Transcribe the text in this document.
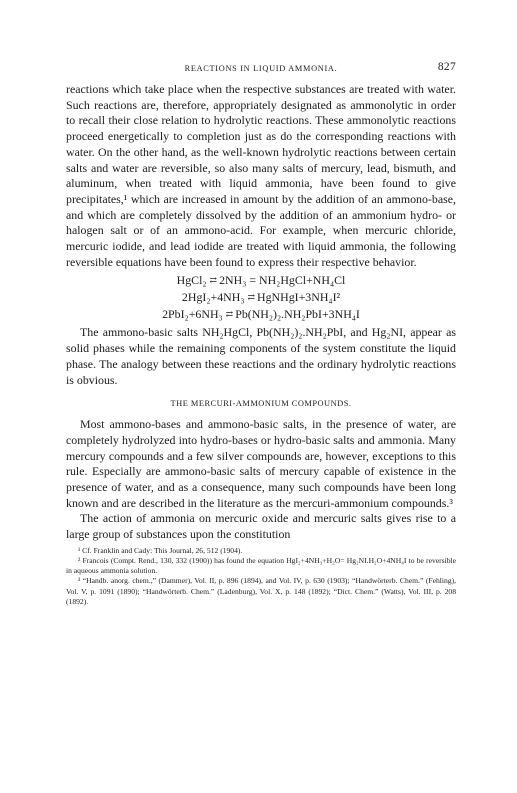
REACTIONS IN LIQUID AMMONIA.	827

reactions which take place when the respective substances are treated with water. Such reactions are, therefore, appropriately designated as ammonolytic in order to recall their close relation to hydrolytic reactions. These ammonolytic reactions proceed energetically to completion just as do the corresponding reactions with water. On the other hand, as the well-known hydrolytic reactions between certain salts and water are reversible, so also many salts of mercury, lead, bismuth, and aluminum, when treated with liquid ammonia, have been found to give precipitates,¹ which are increased in amount by the addition of an ammono-base, and which are completely dissolved by the addition of an ammonium hydro- or halogen salt or of an ammono-acid. For example, when mercuric chloride, mercuric iodide, and lead iodide are treated with liquid ammonia, the following reversible equations have been found to express their respective behavior.

HgCl₂ ⇄ 2NH₃ = NH₂HgCl+NH₄Cl
2HgI₂+4NH₃ ⇄ HgNHgI+3NH₄I²
2PbI₂+6NH₃ ⇄ Pb(NH₂)₂.NH₂PbI+3NH₄I

The ammono-basic salts NH₂HgCl, Pb(NH₂)₂.NH₂PbI, and Hg₂NI, appear as solid phases while the remaining components of the system constitute the liquid phase. The analogy between these reactions and the ordinary hydrolytic reactions is obvious.

THE MERCURI-AMMONIUM COMPOUNDS.

Most ammono-bases and ammono-basic salts, in the presence of water, are completely hydrolyzed into hydro-bases or hydro-basic salts and ammonia. Many mercury compounds and a few silver compounds are, however, exceptions to this rule. Especially are ammono-basic salts of mercury capable of existence in the presence of water, and as a consequence, many such compounds have been long known and are described in the literature as the mercuri-ammonium compounds.³

The action of ammonia on mercuric oxide and mercuric salts gives rise to a large group of substances upon the constitution

¹ Cf. Franklin and Cady: This Journal, 26, 512 (1904).

² Francois (Compt. Rend., 130, 332 (1900)) has found the equation HgI₂+4NH₃+H₂O= Hg₂NI.H₂O+4NH₄I to be reversible in aqueous ammonia solution.

³ “Handb. anorg. chem.,” (Dammer), Vol. II, p. 896 (1894), and Vol. IV, p. 630 (1903); “Handwörterb. Chem.” (Fehling), Vol. V, p. 1091 (1890); “Handwörterb. Chem.” (Ladenburg), Vol. X, p. 148 (1892); “Dict. Chem.” (Watts), Vol. III, p. 208 (1892).
